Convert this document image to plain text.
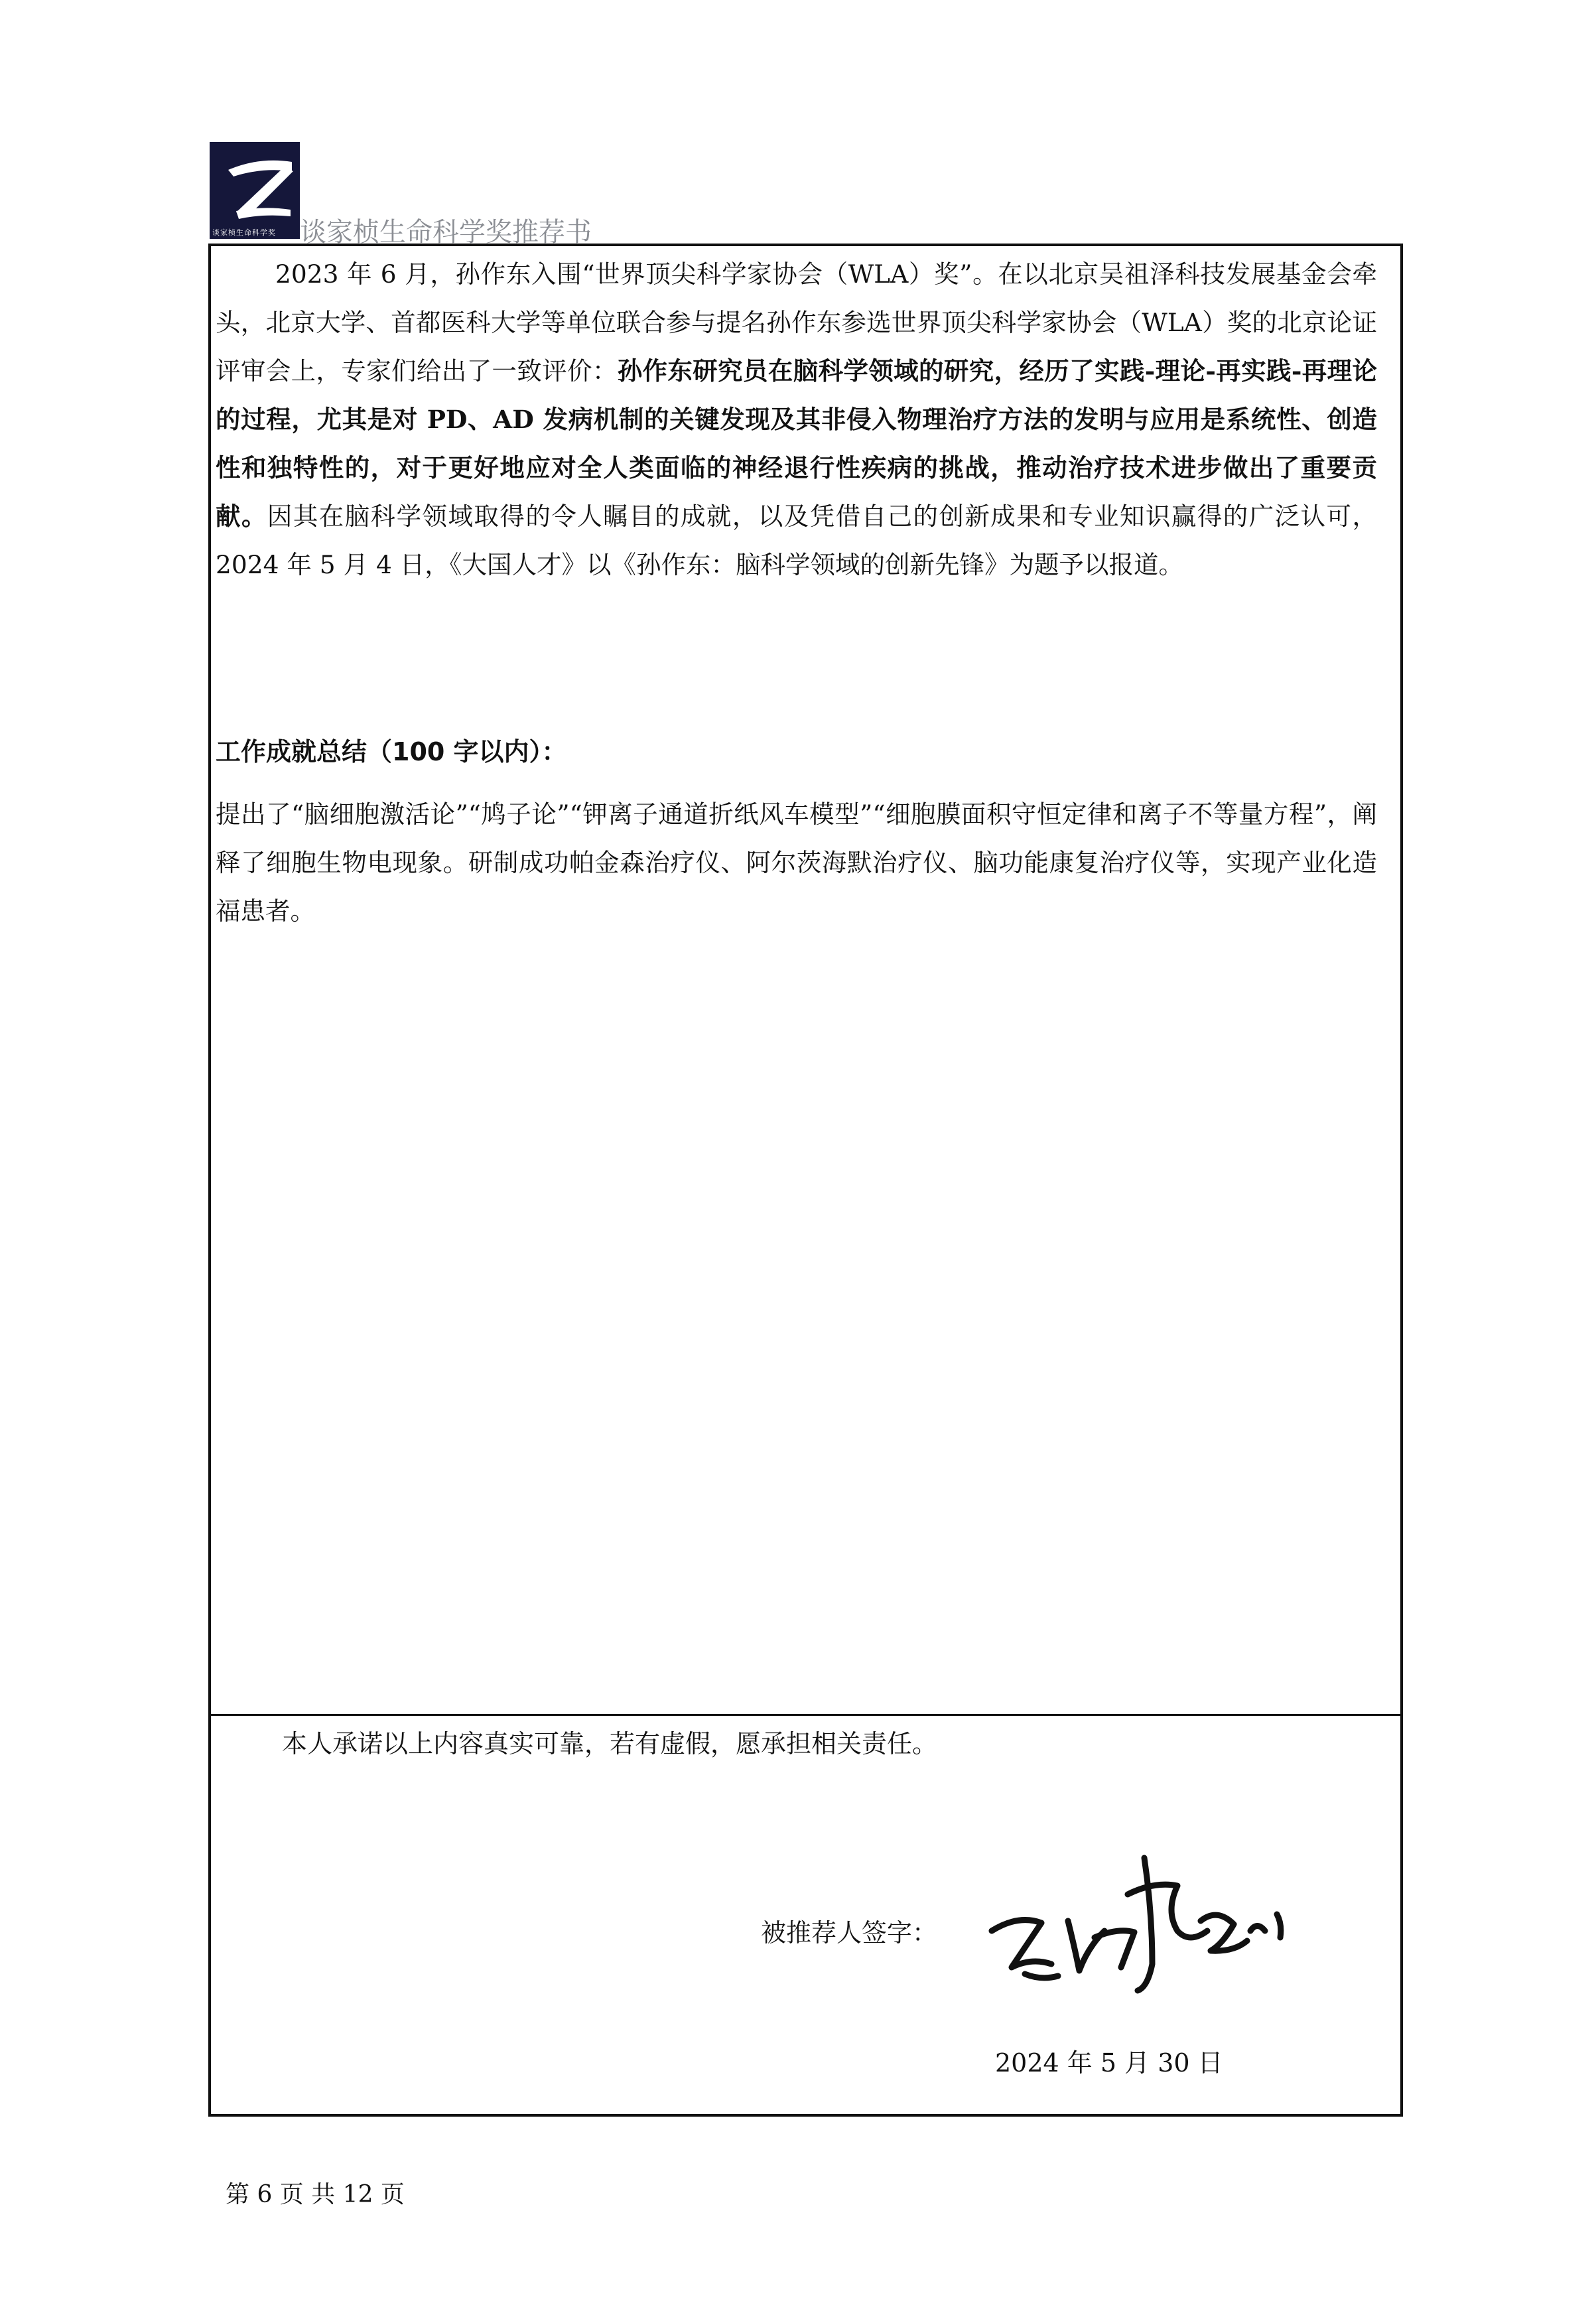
谈家桢生命科学奖 谈家桢生命科学奖推荐书

2023 年 6 月，孙作东入围“世界顶尖科学家协会（WLA）奖”。在以北京吴祖泽科技发展基金会牵头，北京大学、首都医科大学等单位联合参与提名孙作东参选世界顶尖科学家协会（WLA）奖的北京论证评审会上，专家们给出了一致评价：孙作东研究员在脑科学领域的研究，经历了实践-理论-再实践-再理论的过程，尤其是对 PD、AD 发病机制的关键发现及其非侵入物理治疗方法的发明与应用是系统性、创造性和独特性的，对于更好地应对全人类面临的神经退行性疾病的挑战，推动治疗技术进步做出了重要贡献。因其在脑科学领域取得的令人瞩目的成就，以及凭借自己的创新成果和专业知识赢得的广泛认可，2024 年 5 月 4 日，《大国人才》以《孙作东：脑科学领域的创新先锋》为题予以报道。

工作成就总结（100 字以内）：

提出了“脑细胞激活论”“鸠子论”“钾离子通道折纸风车模型”“细胞膜面积守恒定律和离子不等量方程”，阐释了细胞生物电现象。研制成功帕金森治疗仪、阿尔茨海默治疗仪、脑功能康复治疗仪等，实现产业化造福患者。

本人承诺以上内容真实可靠，若有虚假，愿承担相关责任。
被推荐人签字：
2024 年 5 月 30 日
第 6 页 共 12 页
